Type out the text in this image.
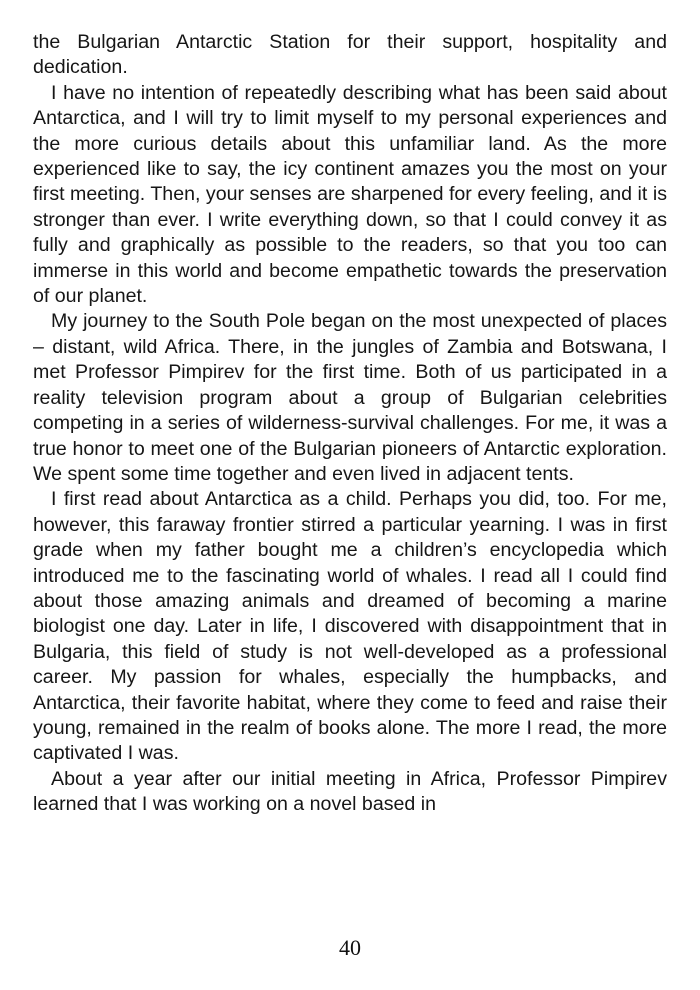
the Bulgarian Antarctic Station for their support, hospitality and dedication.

I have no intention of repeatedly describing what has been said about Antarctica, and I will try to limit myself to my personal experiences and the more curious details about this unfamiliar land. As the more experienced like to say, the icy continent amazes you the most on your first meeting. Then, your senses are sharpened for every feeling, and it is stronger than ever. I write everything down, so that I could convey it as fully and graphically as possible to the readers, so that you too can immerse in this world and become empathetic towards the preservation of our planet.

My journey to the South Pole began on the most unexpected of places – distant, wild Africa. There, in the jungles of Zambia and Botswana, I met Professor Pimpirev for the first time. Both of us participated in a reality television program about a group of Bulgarian celebrities competing in a series of wilderness-survival challenges. For me, it was a true honor to meet one of the Bulgarian pioneers of Antarctic exploration. We spent some time together and even lived in adjacent tents.

I first read about Antarctica as a child. Perhaps you did, too. For me, however, this faraway frontier stirred a particular yearning. I was in first grade when my father bought me a children’s encyclopedia which introduced me to the fascinating world of whales. I read all I could find about those amazing animals and dreamed of becoming a marine biologist one day. Later in life, I discovered with disappointment that in Bulgaria, this field of study is not well-developed as a professional career. My passion for whales, especially the humpbacks, and Antarctica, their favorite habitat, where they come to feed and raise their young, remained in the realm of books alone. The more I read, the more captivated I was.

About a year after our initial meeting in Africa, Professor Pimpirev learned that I was working on a novel based in

40
